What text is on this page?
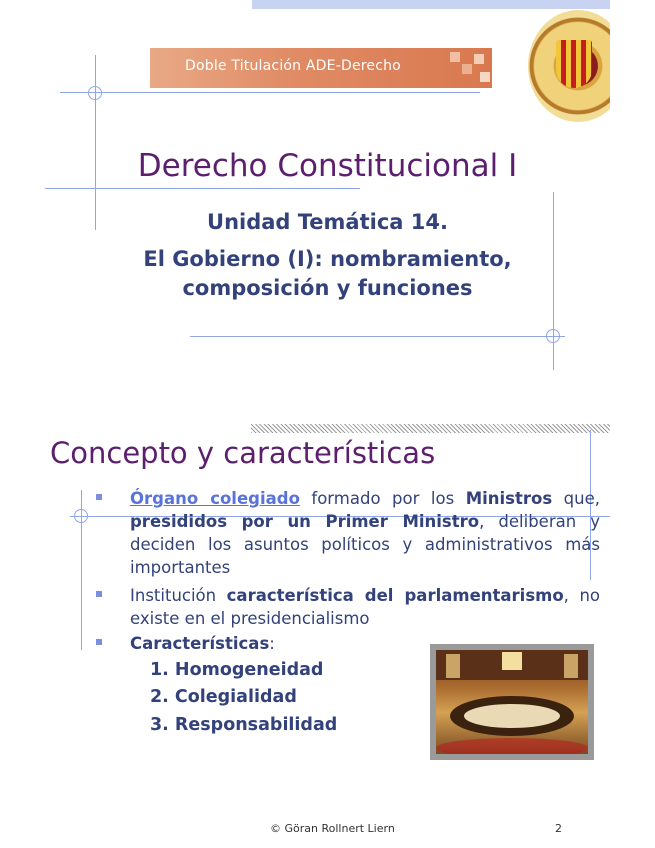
Doble Titulación ADE-Derecho
Derecho Constitucional I
Unidad Temática 14.
El Gobierno (I): nombramiento,
composición y funciones
Concepto y características
Órgano colegiado formado por los Ministros que, presididos por un Primer Ministro, deliberan y deciden los asuntos políticos y administrativos más importantes
Institución característica del parlamentarismo, no existe en el presidencialismo
Características:
1. Homogeneidad
2. Colegialidad
3. Responsabilidad
© Göran Rollnert Liern	2
